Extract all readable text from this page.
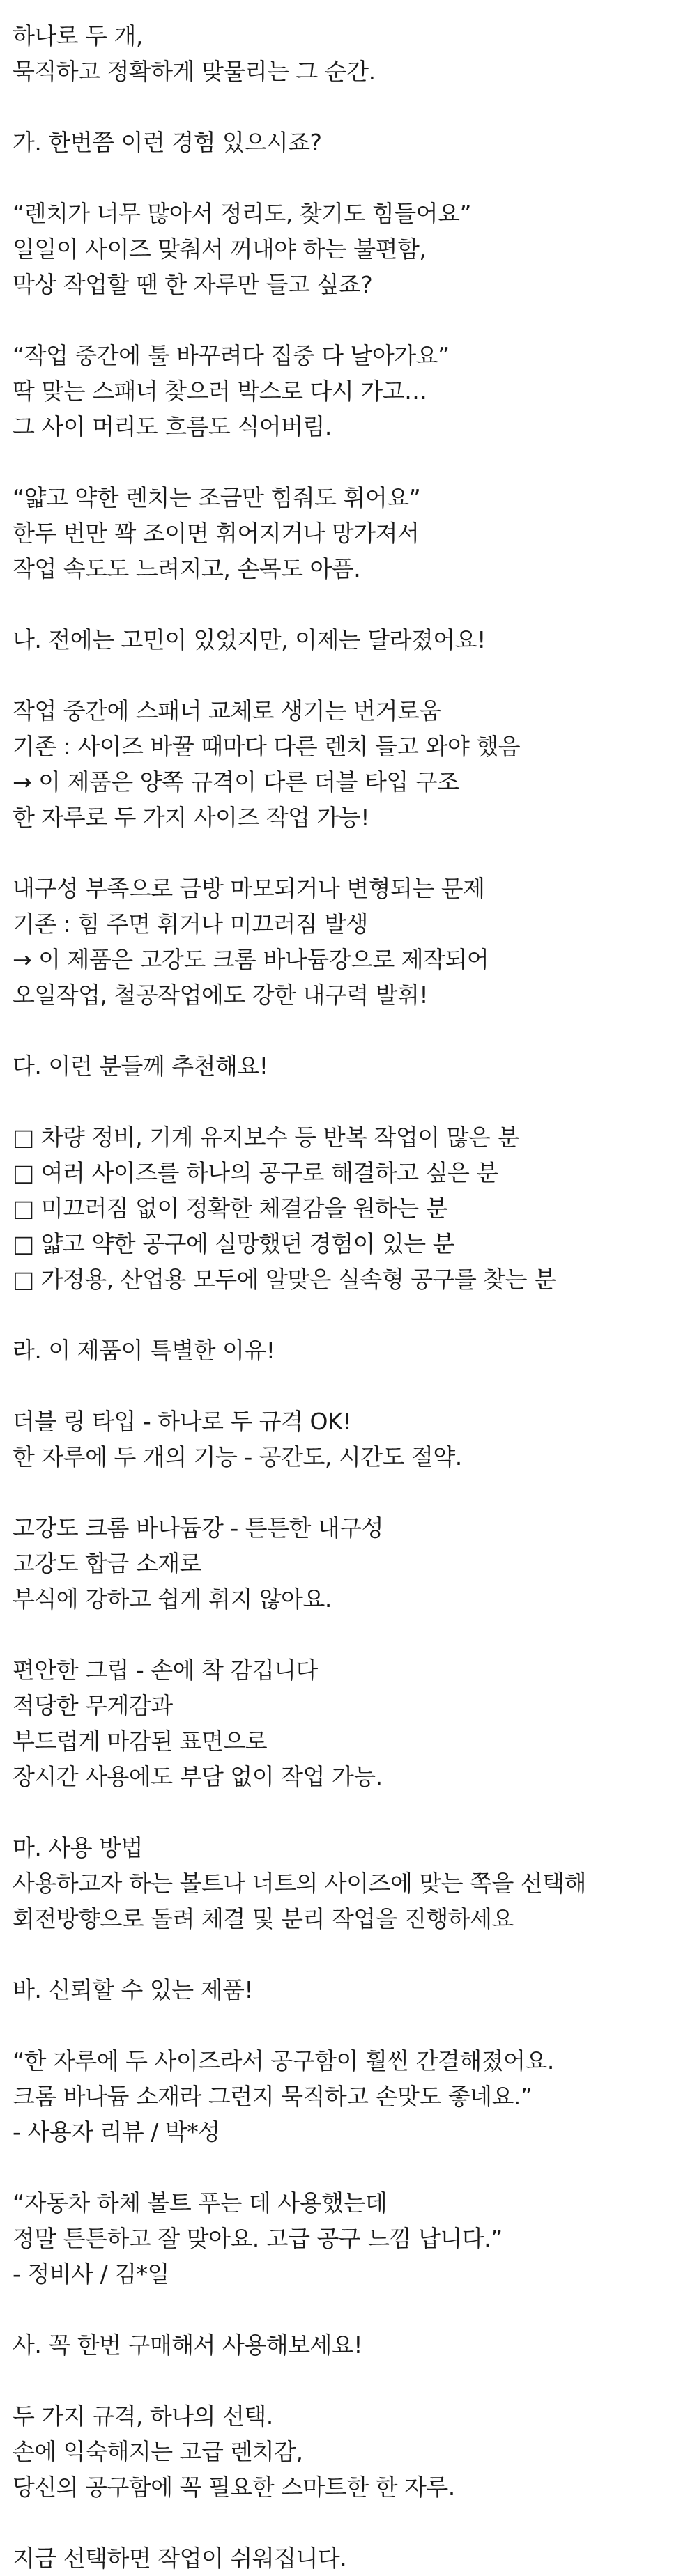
하나로 두 개,
묵직하고 정확하게 맞물리는 그 순간.
가. 한번쯤 이런 경험 있으시죠?
“렌치가 너무 많아서 정리도, 찾기도 힘들어요”
일일이 사이즈 맞춰서 꺼내야 하는 불편함,
막상 작업할 땐 한 자루만 들고 싶죠?
“작업 중간에 툴 바꾸려다 집중 다 날아가요”
딱 맞는 스패너 찾으러 박스로 다시 가고…
그 사이 머리도 흐름도 식어버림.
“얇고 약한 렌치는 조금만 힘줘도 휘어요”
한두 번만 꽉 조이면 휘어지거나 망가져서
작업 속도도 느려지고, 손목도 아픔.
나. 전에는 고민이 있었지만, 이제는 달라졌어요!
작업 중간에 스패너 교체로 생기는 번거로움
기존 : 사이즈 바꿀 때마다 다른 렌치 들고 와야 했음
→ 이 제품은 양쪽 규격이 다른 더블 타입 구조
한 자루로 두 가지 사이즈 작업 가능!
내구성 부족으로 금방 마모되거나 변형되는 문제
기존 : 힘 주면 휘거나 미끄러짐 발생
→ 이 제품은 고강도 크롬 바나듐강으로 제작되어
오일작업, 철공작업에도 강한 내구력 발휘!
다. 이런 분들께 추천해요!
□ 차량 정비, 기계 유지보수 등 반복 작업이 많은 분
□ 여러 사이즈를 하나의 공구로 해결하고 싶은 분
□ 미끄러짐 없이 정확한 체결감을 원하는 분
□ 얇고 약한 공구에 실망했던 경험이 있는 분
□ 가정용, 산업용 모두에 알맞은 실속형 공구를 찾는 분
라. 이 제품이 특별한 이유!
더블 링 타입 - 하나로 두 규격 OK!
한 자루에 두 개의 기능 - 공간도, 시간도 절약.
고강도 크롬 바나듐강 - 튼튼한 내구성
고강도 합금 소재로
부식에 강하고 쉽게 휘지 않아요.
편안한 그립 - 손에 착 감깁니다
적당한 무게감과
부드럽게 마감된 표면으로
장시간 사용에도 부담 없이 작업 가능.
마. 사용 방법
사용하고자 하는 볼트나 너트의 사이즈에 맞는 쪽을 선택해
회전방향으로 돌려 체결 및 분리 작업을 진행하세요
바. 신뢰할 수 있는 제품!
“한 자루에 두 사이즈라서 공구함이 훨씬 간결해졌어요.
크롬 바나듐 소재라 그런지 묵직하고 손맛도 좋네요.”
- 사용자 리뷰 / 박*성
“자동차 하체 볼트 푸는 데 사용했는데
정말 튼튼하고 잘 맞아요. 고급 공구 느낌 납니다.”
- 정비사 / 김*일
사. 꼭 한번 구매해서 사용해보세요!
두 가지 규격, 하나의 선택.
손에 익숙해지는 고급 렌치감,
당신의 공구함에 꼭 필요한 스마트한 한 자루.
지금 선택하면 작업이 쉬워집니다.
